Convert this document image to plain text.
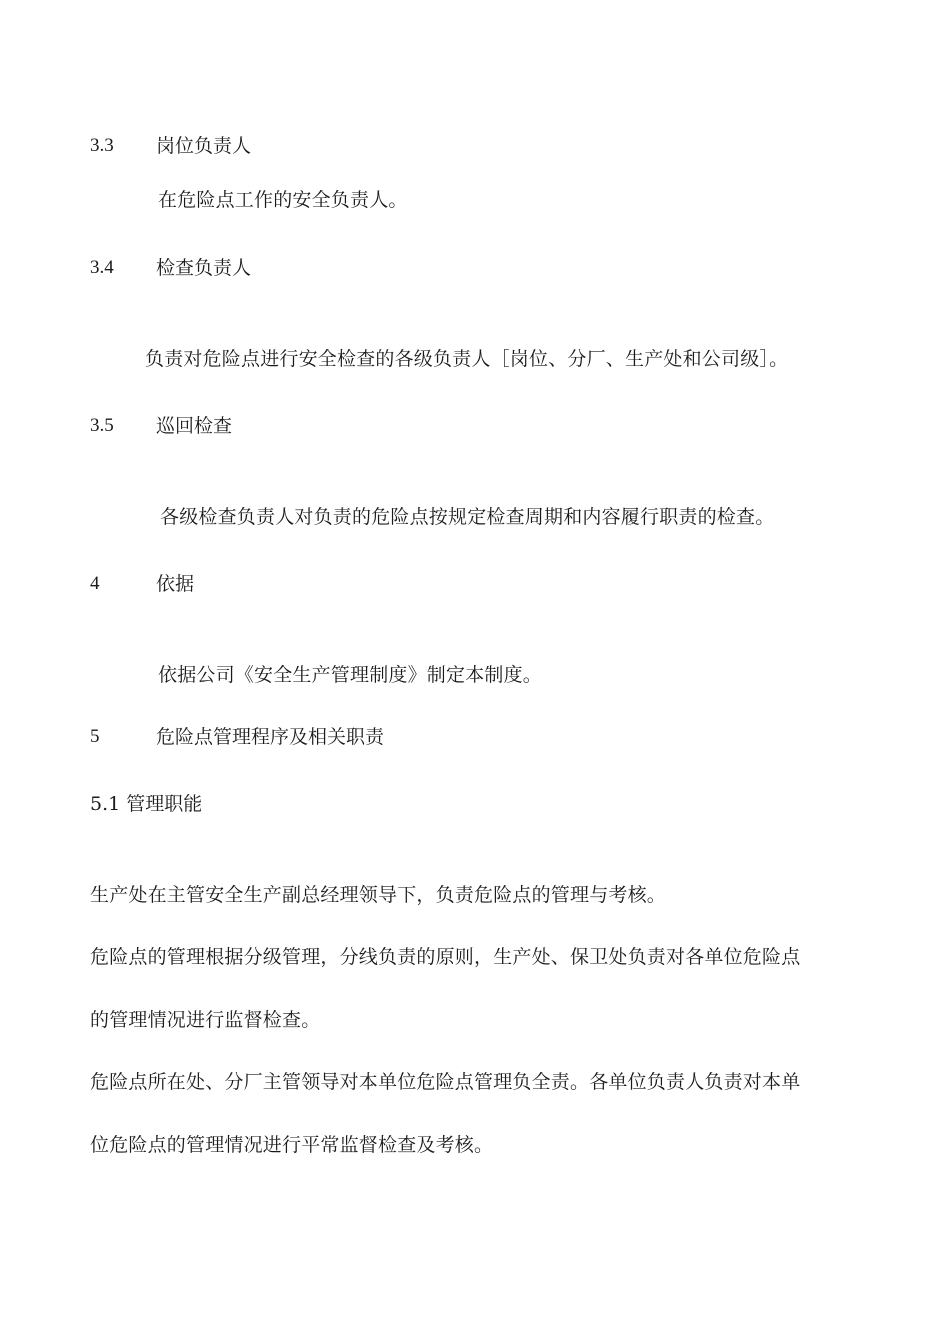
3.3 岗位负责人
在危险点工作的安全负责人。
3.4 检查负责人
负责对危险点进行安全检查的各级负责人［岗位、分厂、生产处和公司级］。
3.5 巡回检查
各级检查负责人对负责的危险点按规定检查周期和内容履行职责的检查。
4	依据
依据公司《安全生产管理制度》制定本制度。
5	危险点管理程序及相关职责
5.1 管理职能
生产处在主管安全生产副总经理领导下，负责危险点的管理与考核。
危险点的管理根据分级管理，分线负责的原则，生产处、保卫处负责对各单位危险点
的管理情况进行监督检查。
危险点所在处、分厂主管领导对本单位危险点管理负全责。各单位负责人负责对本单
位危险点的管理情况进行平常监督检查及考核。
